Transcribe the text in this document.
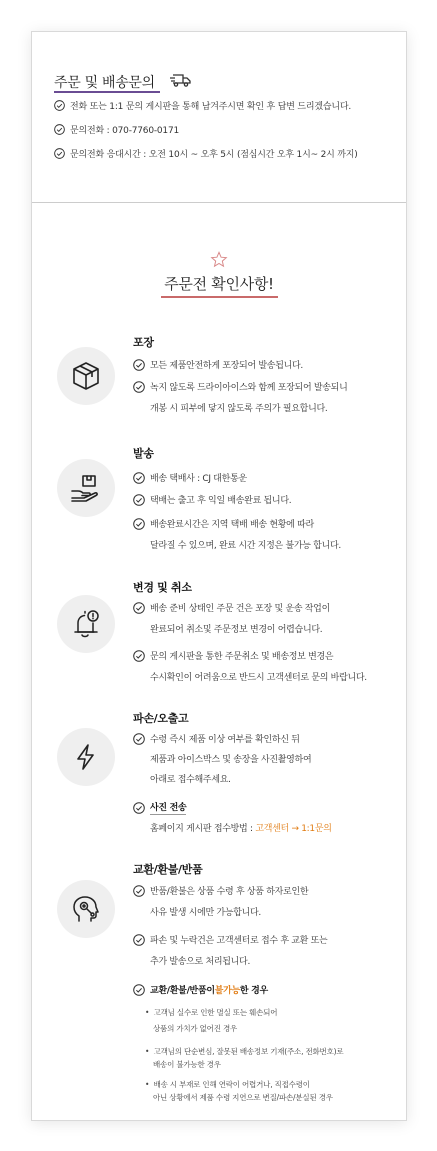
주문 및 배송문의
전화 또는 1:1 문의 게시판을 통해 남겨주시면 확인 후 답변 드리겠습니다.
문의전화 : 070-7760-0171
문의전화 응대시간 : 오전 10시 ~ 오후 5시 (점심시간 오후 1시~ 2시 까지)
주문전 확인사항!
포장
모든 제품안전하게 포장되어 발송됩니다.
녹지 않도록 드라이아이스와 함께 포장되어 발송되니
개봉 시 피부에 닿지 않도록 주의가 필요합니다.
발송
배송 택배사 : CJ 대한통운
택배는 출고 후 익일 배송완료 됩니다.
배송완료시간은 지역 택배 배송 현황에 따라
달라질 수 있으며, 완료 시간 지정은 불가능 합니다.
변경 및 취소
배송 준비 상태인 주문 건은 포장 및 운송 작업이
완료되어 취소및 주문정보 변경이 어렵습니다.
문의 게시판을 통한 주문취소 및 배송정보 변경은
수시확인이 어려움으로 반드시 고객센터로 문의 바랍니다.
파손/오출고
수령 즉시 제품 이상 여부를 확인하신 뒤
제품과 아이스박스 및 송장을 사진촬영하여
아래로 접수해주세요.
사진 전송
홈페이지 게시판 접수방법 : 고객센터 → 1:1문의
교환/환불/반품
반품/환불은 상품 수령 후 상품 하자로인한
사유 발생 시에만 가능합니다.
파손 및 누락건은 고객센터로 접수 후 교환 또는
추가 발송으로 처리됩니다.
교환/환불/반품이 불가능 한 경우
•  고객님 실수로 인한 멸실 또는 훼손되어
상품의 가치가 없어진 경우
•  고객님의 단순변심, 잘못된 배송정보 기재(주소, 전화번호)로
배송이 불가능한 경우
•  배송 시 부재로 인해 연락이 어렵거나, 직접수령이
아닌 상황에서 제품 수령 지연으로 변질/파손/분실된 경우
